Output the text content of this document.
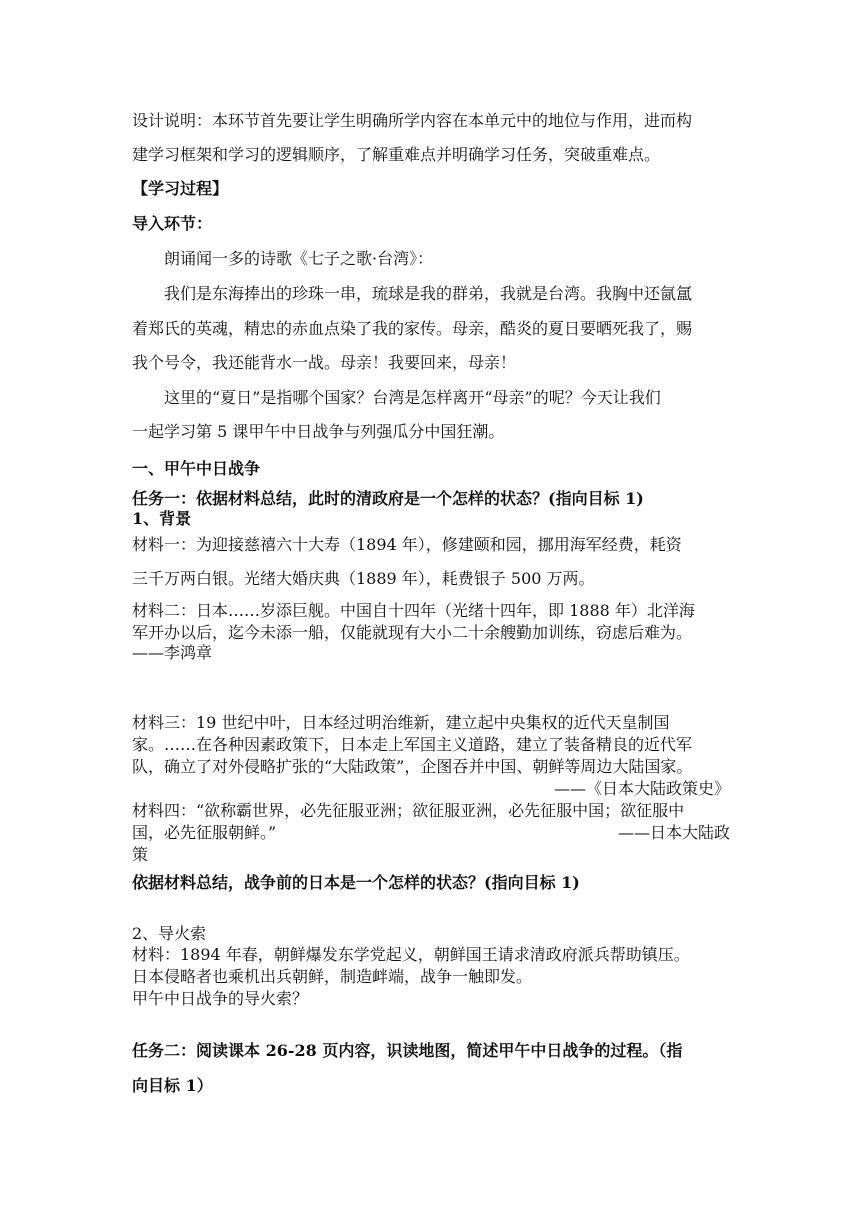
设计说明：本环节首先要让学生明确所学内容在本单元中的地位与作用，进而构
建学习框架和学习的逻辑顺序，了解重难点并明确学习任务，突破重难点。
【学习过程】
导入环节：
朗诵闻一多的诗歌《七子之歌·台湾》：
我们是东海捧出的珍珠一串，琉球是我的群弟，我就是台湾。我胸中还氤氲
着郑氏的英魂，精忠的赤血点染了我的家传。母亲，酷炎的夏日要晒死我了，赐
我个号令，我还能背水一战。母亲！我要回来，母亲！
这里的“夏日”是指哪个国家？台湾是怎样离开“母亲”的呢？今天让我们
一起学习第 5 课甲午中日战争与列强瓜分中国狂潮。
一、甲午中日战争
任务一：依据材料总结，此时的清政府是一个怎样的状态？(指向目标 1)
1、背景
材料一：为迎接慈禧六十大寿（1894 年），修建颐和园，挪用海军经费，耗资
三千万两白银。光绪大婚庆典（1889 年），耗费银子 500 万两。
材料二：日本……岁添巨舰。中国自十四年（光绪十四年，即 1888 年）北洋海
军开办以后，迄今未添一船，仅能就现有大小二十余艘勤加训练，窃虑后难为。
——李鸿章
材料三：19 世纪中叶，日本经过明治维新，建立起中央集权的近代天皇制国
家。……在各种因素政策下，日本走上军国主义道路，建立了装备精良的近代军
队，确立了对外侵略扩张的“大陆政策”，企图吞并中国、朝鲜等周边大陆国家。
——《日本大陆政策史》
材料四：“欲称霸世界，必先征服亚洲；欲征服亚洲，必先征服中国；欲征服中
国，必先征服朝鲜。”	——日本大陆政
策
依据材料总结，战争前的日本是一个怎样的状态？(指向目标 1)
2、导火索
材料：1894 年春，朝鲜爆发东学党起义，朝鲜国王请求清政府派兵帮助镇压。
日本侵略者也乘机出兵朝鲜，制造衅端，战争一触即发。
甲午中日战争的导火索？
任务二：阅读课本 26-28 页内容，识读地图，简述甲午中日战争的过程。（指
向目标 1）
